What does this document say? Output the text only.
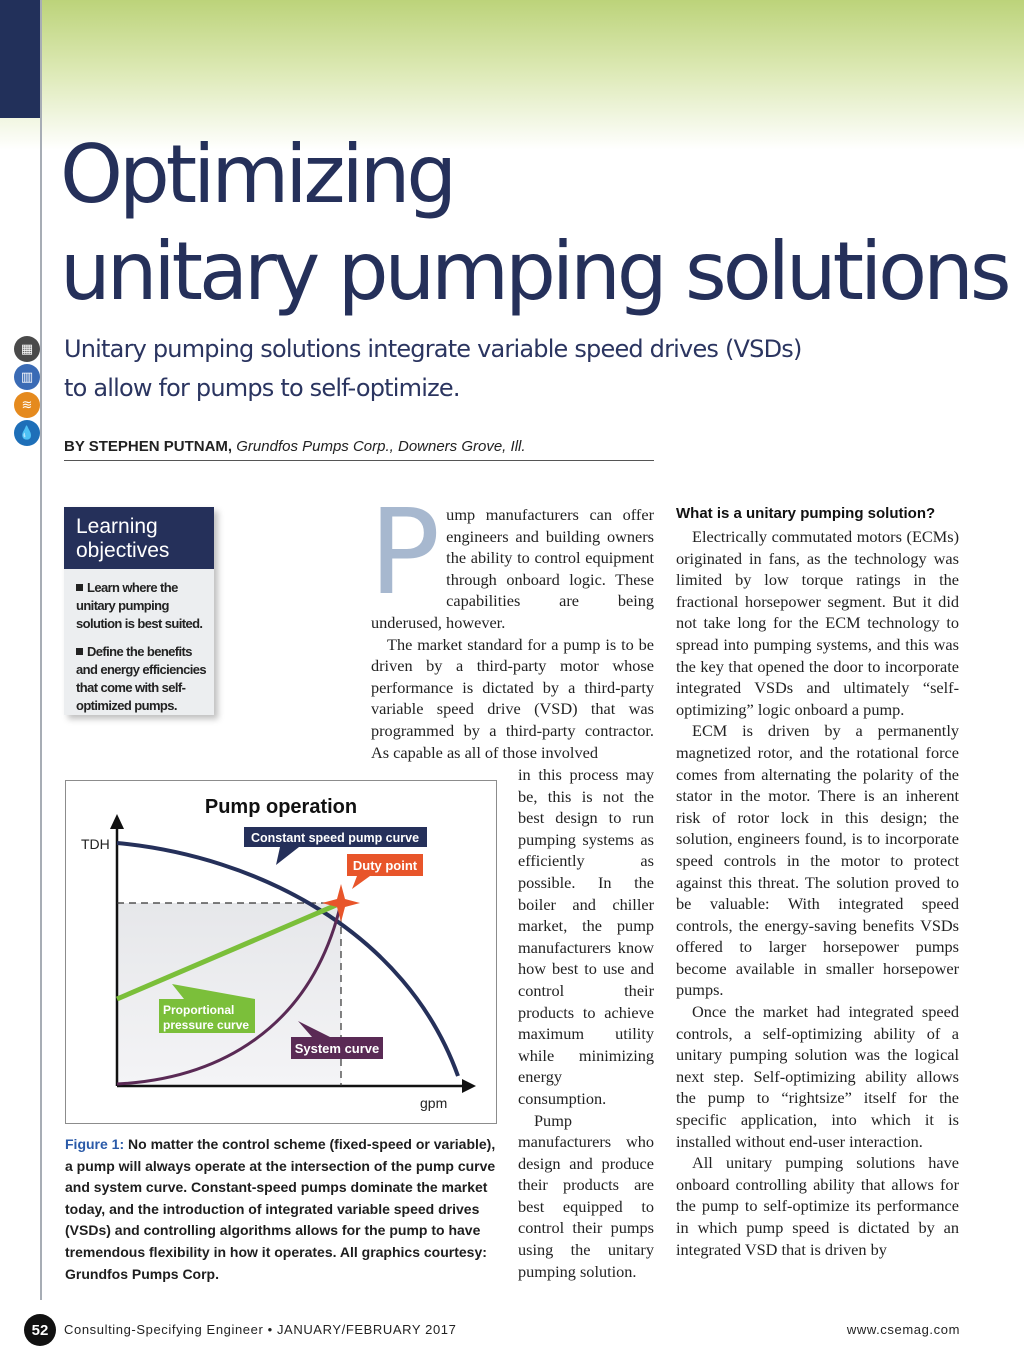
Optimizing
unitary pumping solutions
▦
▥
≋
💧
Unitary pumping solutions integrate variable speed drives (VSDs)
to allow for pumps to self-optimize.
BY STEPHEN PUTNAM, Grundfos Pumps Corp., Downers Grove, Ill.
Learning
objectives
Learn where the unitary pumping solution is best suited.
Define the benefits and energy efficiencies that come with self-optimized pumps.
Pump operation
TDH
gpm
Constant speed pump curve
Duty point
Proportional
pressure curve
System curve
Figure 1: No matter the control scheme (fixed-speed or variable), a pump will always operate at the intersection of the pump curve and system curve. Constant-speed pumps dominate the market today, and the introduction of integrated variable speed drives (VSDs) and controlling algorithms allows for the pump to have tremendous flexibility in how it operates. All graphics courtesy: Grundfos Pumps Corp.
P ump manufacturers can offer engineers and building owners the ability to control equipment through onboard logic. These capabilities are being underused, however.

The market standard for a pump is to be driven by a third-party motor whose performance is dictated by a third-party variable speed drive (VSD) that was programmed by a third-party contractor. As capable as all of those involved

in this process may be, this is not the best design to run pumping systems as efficiently as possible. In the boiler and chiller market, the pump manufacturers know how best to use and control their products to achieve maximum utility while minimizing energy consumption.

Pump manufacturers who design and produce their products are best equipped to control their pumps using the unitary pumping solution.

What is a unitary pumping solution?

Electrically commutated motors (ECMs) originated in fans, as the technology was limited by low torque ratings in the fractional horsepower segment. But it did not take long for the ECM technology to spread into pumping systems, and this was the key that opened the door to incorporate integrated VSDs and ultimately “self-optimizing” logic onboard a pump.

ECM is driven by a permanently magnetized rotor, and the rotational force comes from alternating the polarity of the stator in the motor. There is an inherent risk of rotor lock in this design; the solution, engineers found, is to incorporate speed controls in the motor to protect against this threat. The solution proved to be valuable: With integrated speed controls, the energy-saving benefits VSDs offered to larger horsepower pumps become available in smaller horsepower pumps.

Once the market had integrated speed controls, a self-optimizing ability of a unitary pumping solution was the logical next step. Self-optimizing ability allows the pump to “rightsize” itself for the specific application, into which it is installed without end-user interaction.

All unitary pumping solutions have onboard controlling ability that allows for the pump to self-optimize its performance in which pump speed is dictated by an integrated VSD that is driven by

52	Consulting-Specifying Engineer • JANUARY/FEBRUARY 2017	www.csemag.com
